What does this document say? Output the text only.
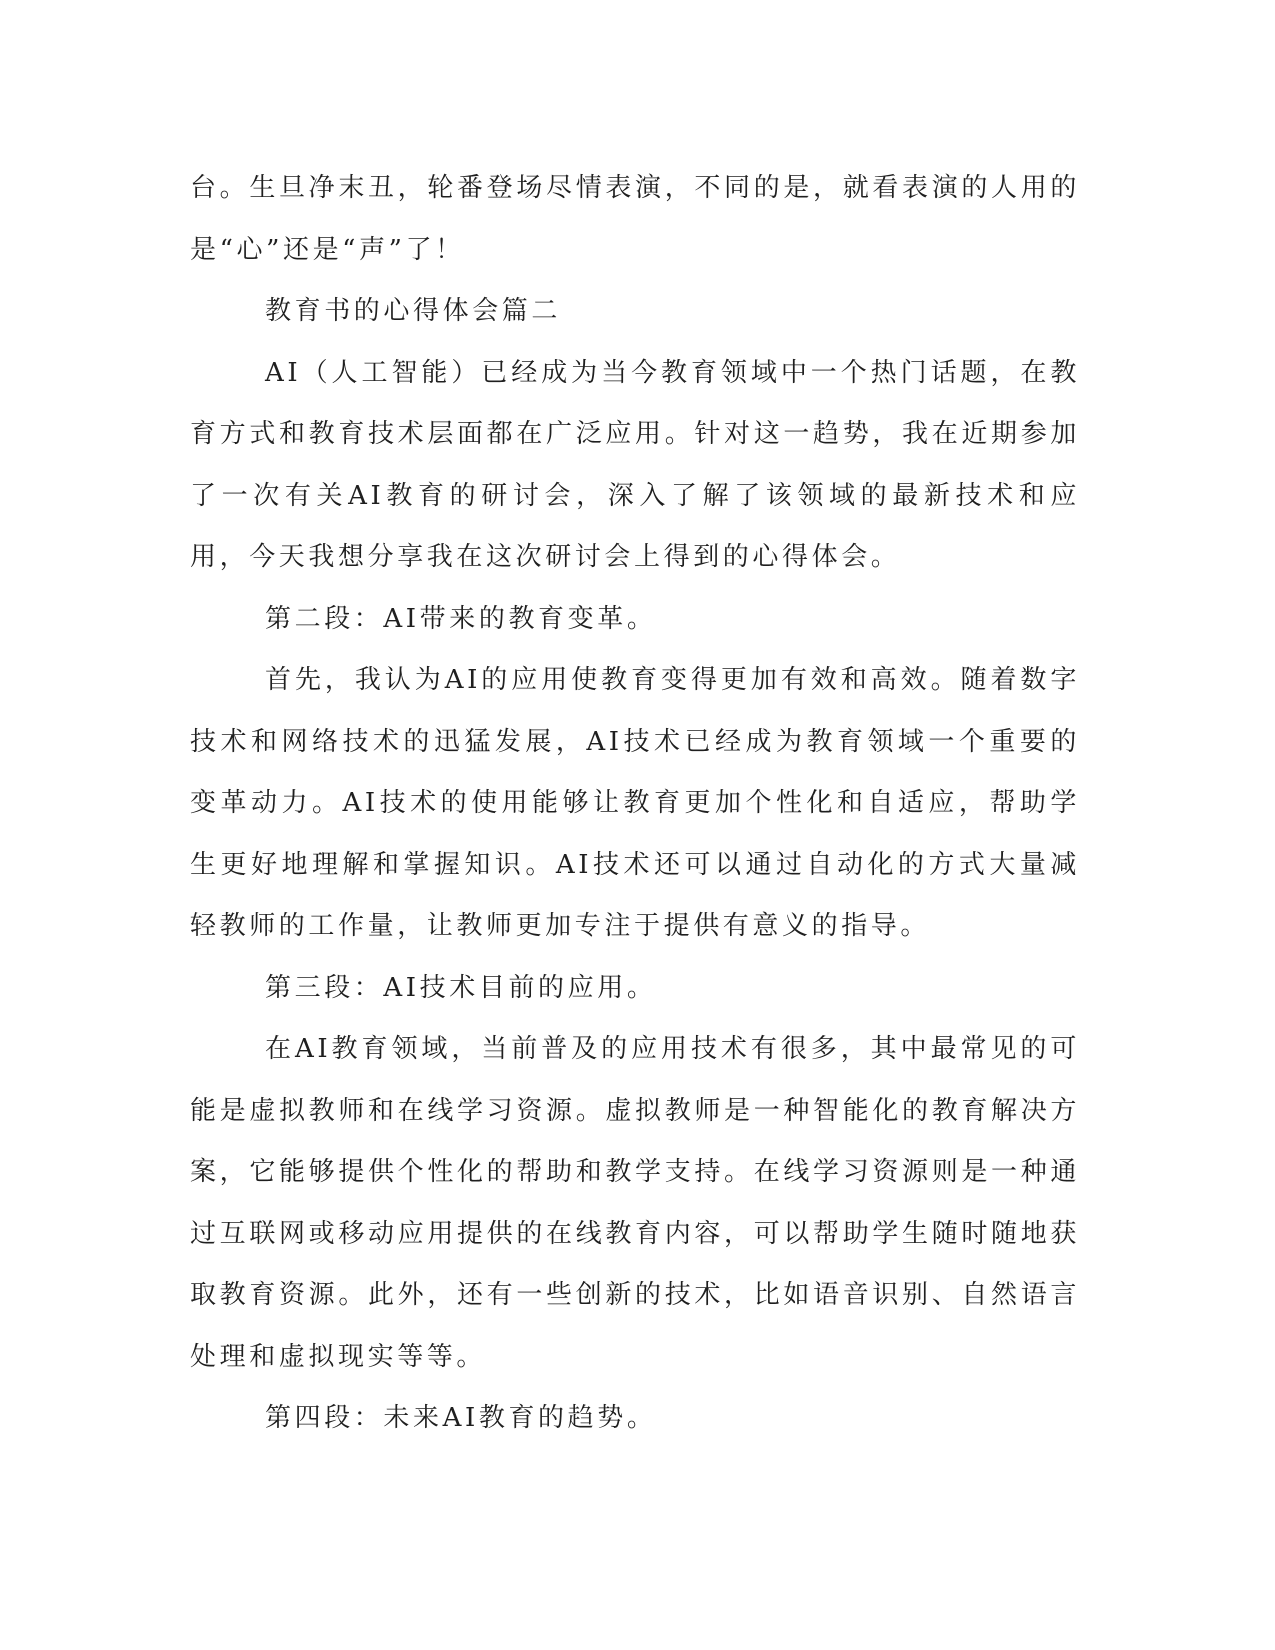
台。生旦净末丑，轮番登场尽情表演，不同的是，就看表演的人用的是“心”还是“声”了！

教育书的心得体会篇二

AI（人工智能）已经成为当今教育领域中一个热门话题，在教育方式和教育技术层面都在广泛应用。针对这一趋势，我在近期参加了一次有关AI教育的研讨会，深入了解了该领域的最新技术和应用，今天我想分享我在这次研讨会上得到的心得体会。

第二段：AI带来的教育变革。

首先，我认为AI的应用使教育变得更加有效和高效。随着数字技术和网络技术的迅猛发展，AI技术已经成为教育领域一个重要的变革动力。AI技术的使用能够让教育更加个性化和自适应，帮助学生更好地理解和掌握知识。AI技术还可以通过自动化的方式大量减轻教师的工作量，让教师更加专注于提供有意义的指导。

第三段：AI技术目前的应用。

在AI教育领域，当前普及的应用技术有很多，其中最常见的可能是虚拟教师和在线学习资源。虚拟教师是一种智能化的教育解决方案，它能够提供个性化的帮助和教学支持。在线学习资源则是一种通过互联网或移动应用提供的在线教育内容，可以帮助学生随时随地获取教育资源。此外，还有一些创新的技术，比如语音识别、自然语言处理和虚拟现实等等。

第四段：未来AI教育的趋势。
